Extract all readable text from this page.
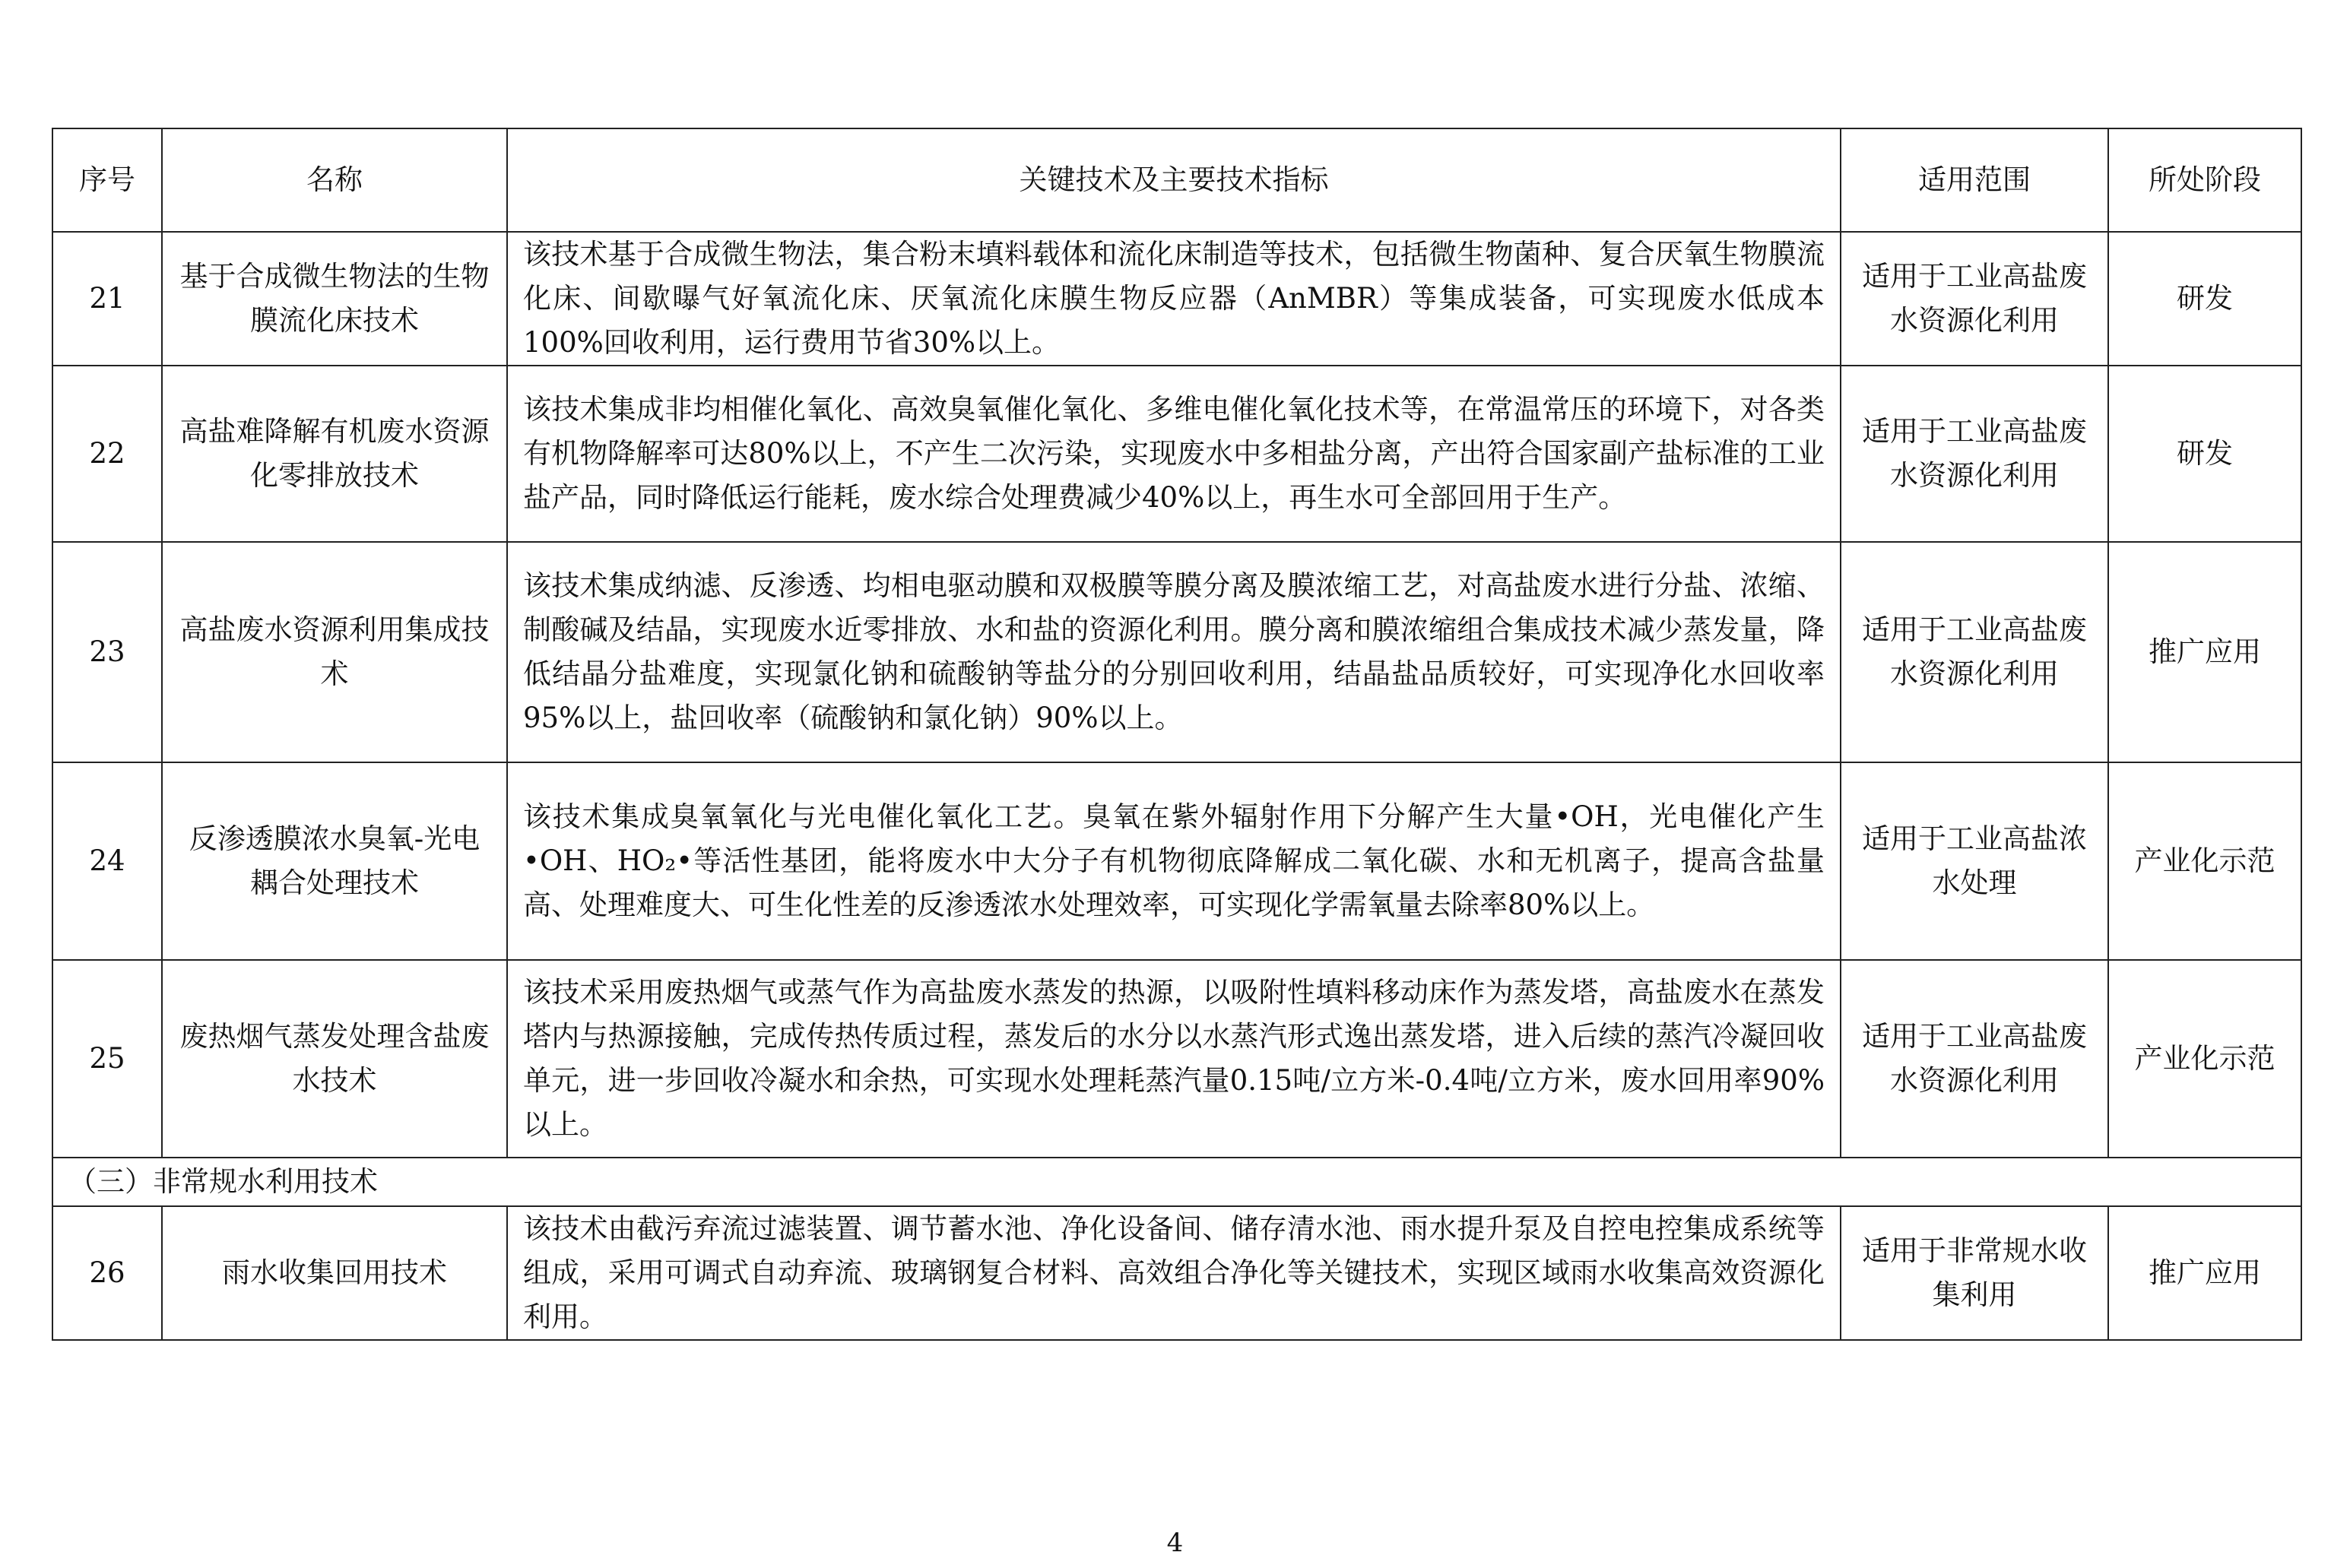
序号	名称	关键技术及主要技术指标	适用范围	所处阶段
21	基于合成微生物法的生物膜流化床技术	该技术基于合成微生物法，集合粉末填料载体和流化床制造等技术，包括微生物菌种、复合厌氧生物膜流化床、间歇曝气好氧流化床、厌氧流化床膜生物反应器（AnMBR）等集成装备，可实现废水低成本100%回收利用，运行费用节省30%以上。	适用于工业高盐废水资源化利用	研发
22	高盐难降解有机废水资源化零排放技术	该技术集成非均相催化氧化、高效臭氧催化氧化、多维电催化氧化技术等，在常温常压的环境下，对各类有机物降解率可达80%以上，不产生二次污染，实现废水中多相盐分离，产出符合国家副产盐标准的工业盐产品，同时降低运行能耗，废水综合处理费减少40%以上，再生水可全部回用于生产。	适用于工业高盐废水资源化利用	研发
23	高盐废水资源利用集成技术	该技术集成纳滤、反渗透、均相电驱动膜和双极膜等膜分离及膜浓缩工艺，对高盐废水进行分盐、浓缩、制酸碱及结晶，实现废水近零排放、水和盐的资源化利用。膜分离和膜浓缩组合集成技术减少蒸发量，降低结晶分盐难度，实现氯化钠和硫酸钠等盐分的分别回收利用，结晶盐品质较好，可实现净化水回收率95%以上，盐回收率（硫酸钠和氯化钠）90%以上。	适用于工业高盐废水资源化利用	推广应用
24	反渗透膜浓水臭氧-光电耦合处理技术	该技术集成臭氧氧化与光电催化氧化工艺。臭氧在紫外辐射作用下分解产生大量•OH，光电催化产生•OH、HO₂•等活性基团，能将废水中大分子有机物彻底降解成二氧化碳、水和无机离子，提高含盐量高、处理难度大、可生化性差的反渗透浓水处理效率，可实现化学需氧量去除率80%以上。	适用于工业高盐浓水处理	产业化示范
25	废热烟气蒸发处理含盐废水技术	该技术采用废热烟气或蒸气作为高盐废水蒸发的热源，以吸附性填料移动床作为蒸发塔，高盐废水在蒸发塔内与热源接触，完成传热传质过程，蒸发后的水分以水蒸汽形式逸出蒸发塔，进入后续的蒸汽冷凝回收单元，进一步回收冷凝水和余热，可实现水处理耗蒸汽量0.15吨/立方米-0.4吨/立方米，废水回用率90%以上。	适用于工业高盐废水资源化利用	产业化示范
（三）非常规水利用技术				
26	雨水收集回用技术	该技术由截污弃流过滤装置、调节蓄水池、净化设备间、储存清水池、雨水提升泵及自控电控集成系统等组成，采用可调式自动弃流、玻璃钢复合材料、高效组合净化等关键技术，实现区域雨水收集高效资源化利用。	适用于非常规水收集利用	推广应用
4
